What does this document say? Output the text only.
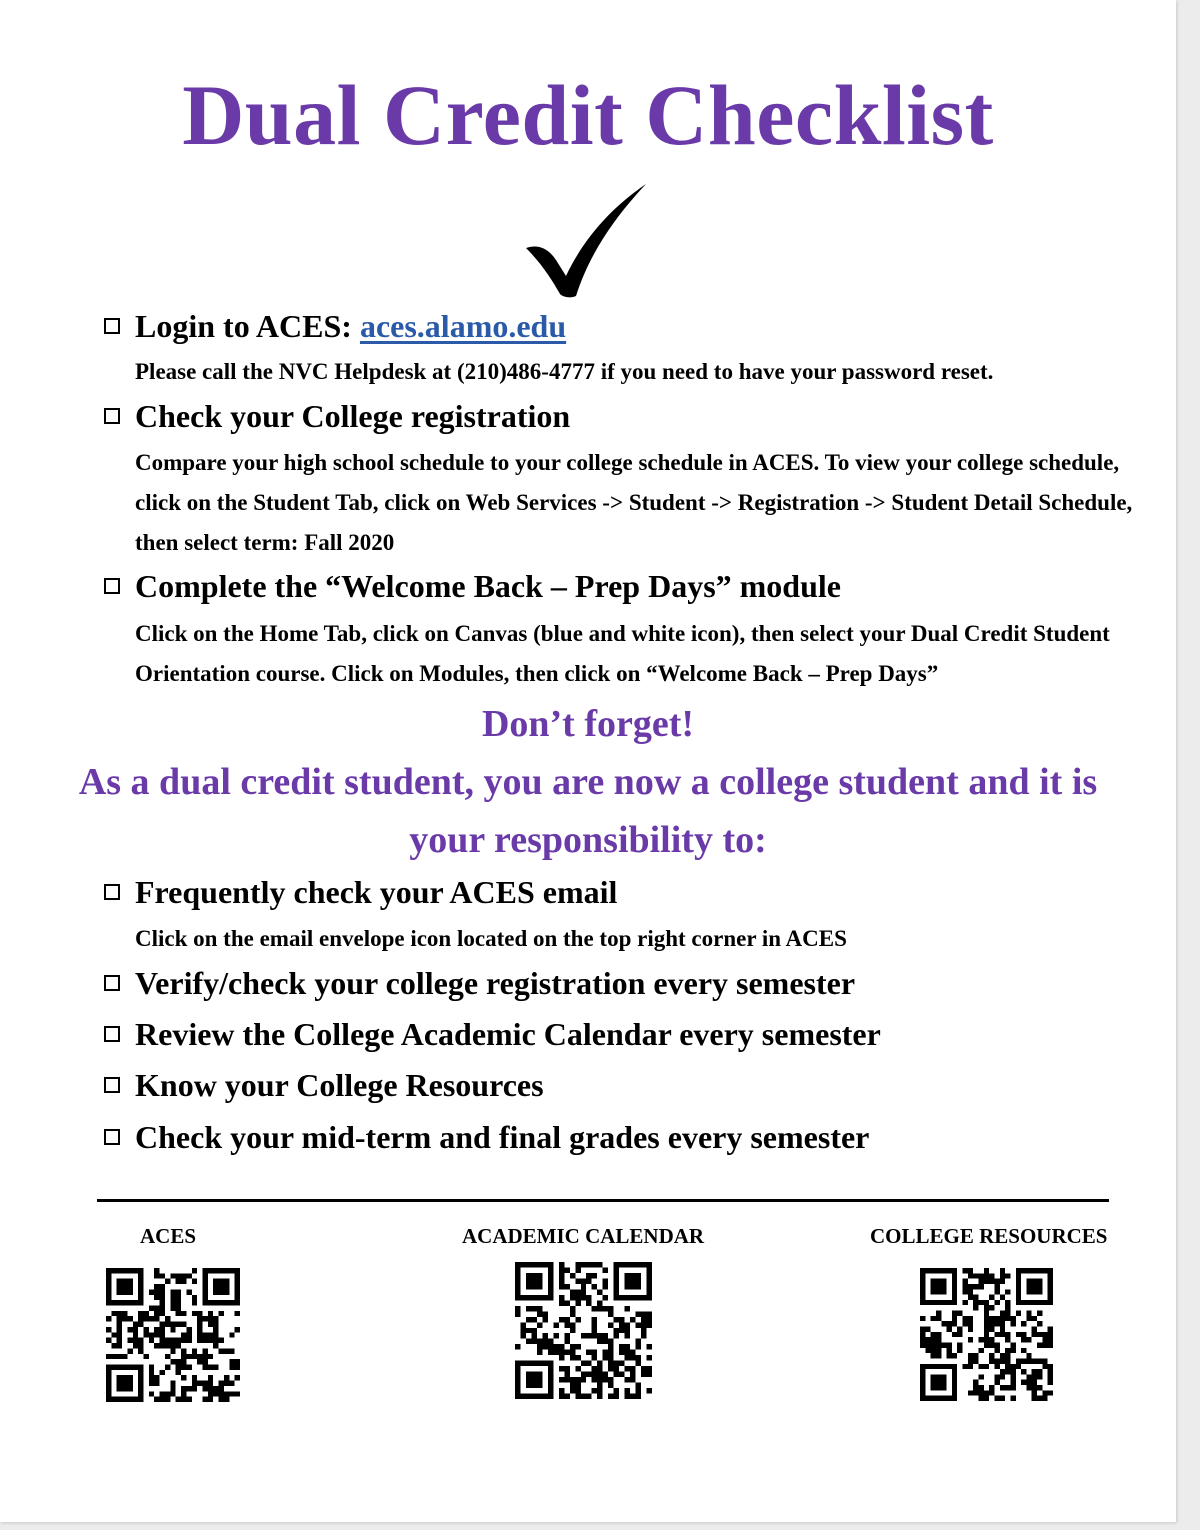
Dual Credit Checklist
Login to ACES: aces.alamo.edu
Please call the NVC Helpdesk at (210)486-4777 if you need to have your password reset.
Check your College registration
Compare your high school schedule to your college schedule in ACES. To view your college schedule, click on the Student Tab, click on Web Services -> Student -> Registration -> Student Detail Schedule, then select term: Fall 2020
Complete the “Welcome Back – Prep Days” module
Click on the Home Tab, click on Canvas (blue and white icon), then select your Dual Credit Student Orientation course. Click on Modules, then click on “Welcome Back – Prep Days”
Don’t forget!
As a dual credit student, you are now a college student and it is
your responsibility to:
Frequently check your ACES email
Click on the email envelope icon located on the top right corner in ACES
Verify/check your college registration every semester
Review the College Academic Calendar every semester
Know your College Resources
Check your mid-term and final grades every semester
ACES	ACADEMIC CALENDAR	COLLEGE RESOURCES
